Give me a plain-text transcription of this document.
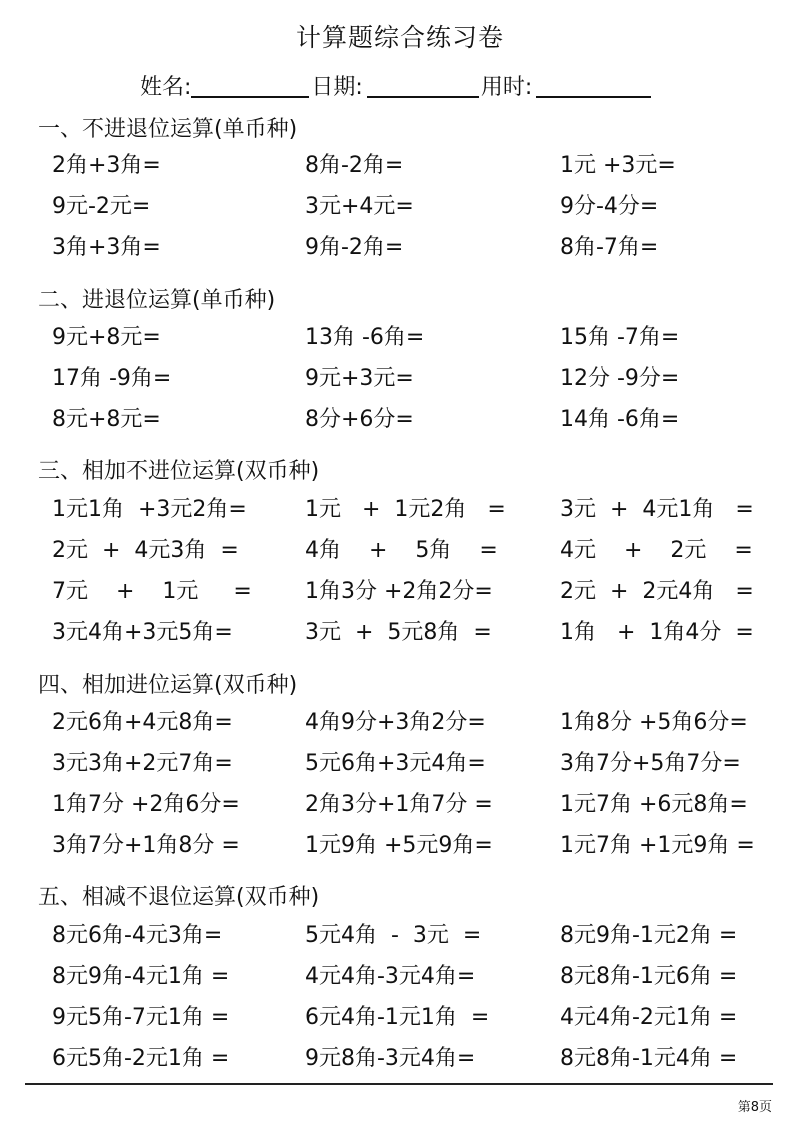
计算题综合练习卷
姓名:	日期:	用时:
一、不进退位运算(单币种)
2角+3角=	8角-2角=	1元 +3元=
9元-2元=	3元+4元=	9分-4分=
3角+3角=	9角-2角=	8角-7角=
二、进退位运算(单币种)
9元+8元=	13角 -6角=	15角 -7角=
17角 -9角=	9元+3元=	12分 -9分=
8元+8元=	8分+6分=	14角 -6角=
三、相加不进位运算(双币种)
1元1角  +3元2角=	1元   +  1元2角   = 3元  +  4元1角   =
2元  +  4元3角  =	4角    +    5角    =	4元    +    2元    =
7元    +    1元     = 1角3分 +2角2分=	2元  +  2元4角   =
3元4角+3元5角=	3元  +  5元8角  =	1角   +  1角4分  =
四、相加进位运算(双币种)
2元6角+4元8角=	4角9分+3角2分=	1角8分 +5角6分=
3元3角+2元7角=	5元6角+3元4角=	3角7分+5角7分=
1角7分 +2角6分=	2角3分+1角7分 =	1元7角 +6元8角=
3角7分+1角8分 =	1元9角 +5元9角=	1元7角 +1元9角 =
五、相减不退位运算(双币种)
8元6角-4元3角=	5元4角  -  3元  =	8元9角-1元2角 =
8元9角-4元1角 =	4元4角-3元4角=	8元8角-1元6角 =
9元5角-7元1角 =	6元4角-1元1角  =	4元4角-2元1角 =
6元5角-2元1角 =	9元8角-3元4角=	8元8角-1元4角 =
第8页
